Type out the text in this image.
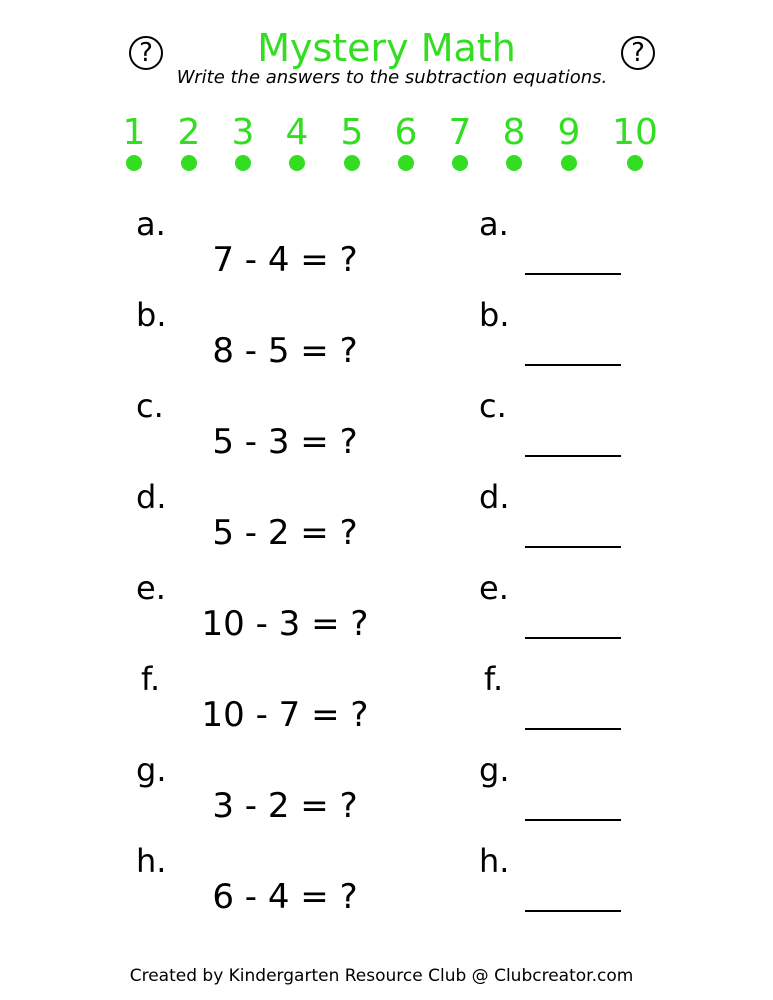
?	?
Mystery Math
Write the answers to the subtraction equations.
1 2 3 4 5 6 7 8 9 10
a.
7 - 4 = ?
b.
8 - 5 = ?
c.
5 - 3 = ?
d.
5 - 2 = ?
e.
10 - 3 = ?
f.
10 - 7 = ?
g.
3 - 2 = ?
h.
6 - 4 = ?
a.
b.
c.
d.
e.
f.
g.
h.
Created by Kindergarten Resource Club @ Clubcreator.com
